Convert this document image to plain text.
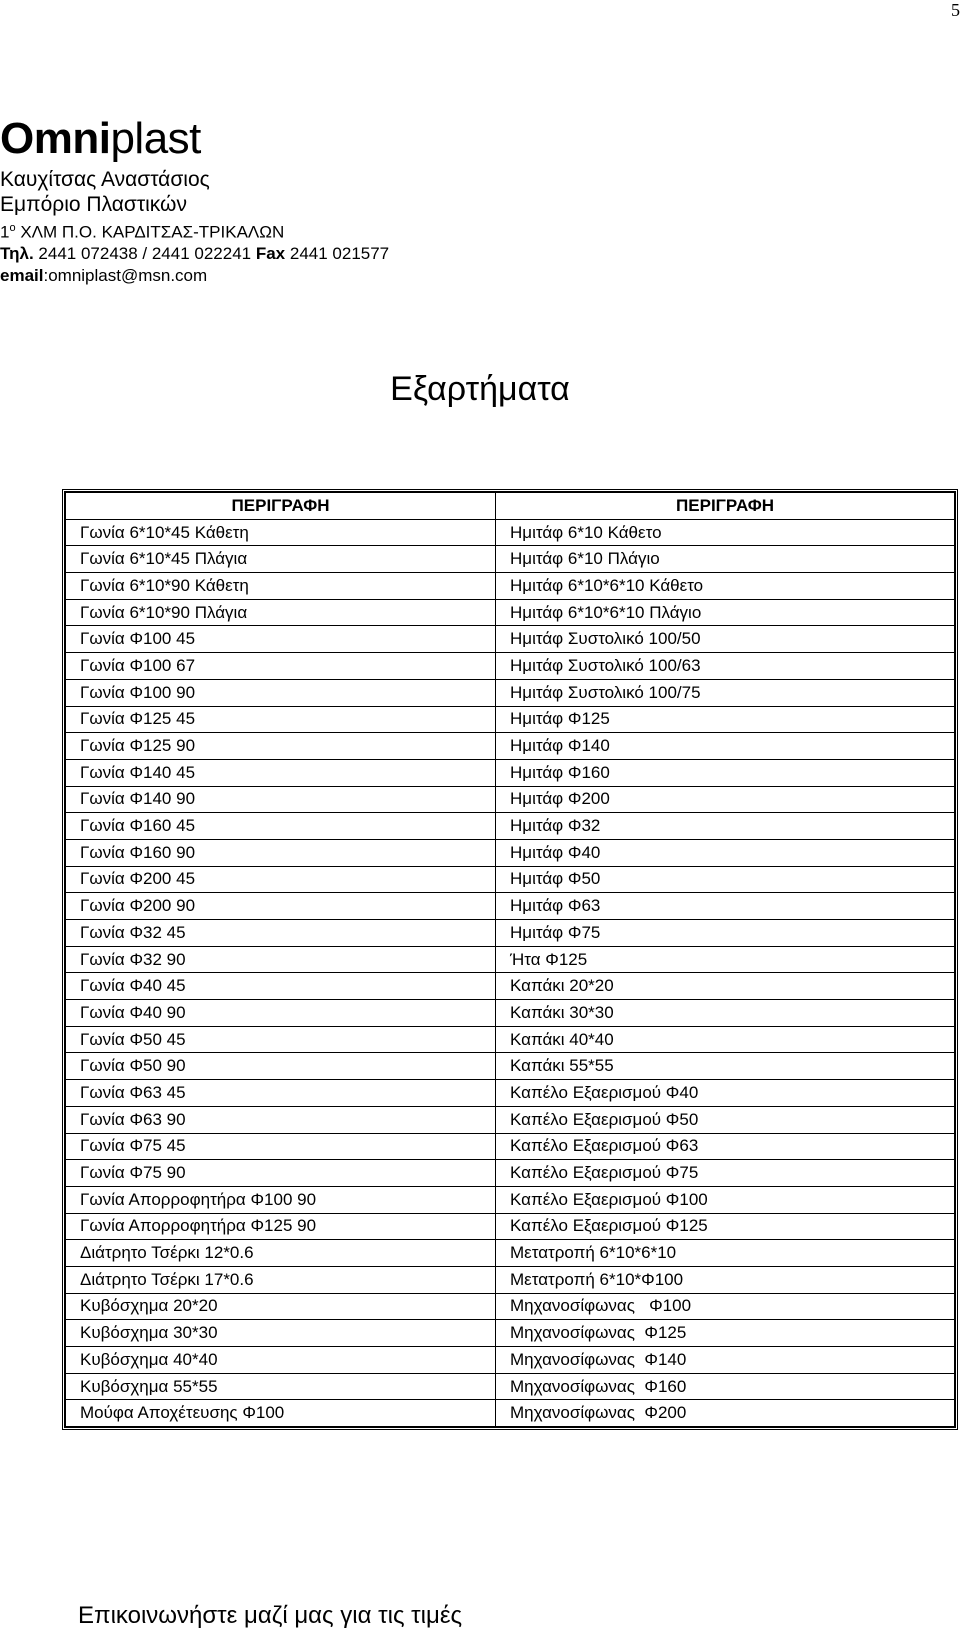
5
Omniplast
Καυχίτσας Αναστάσιος
Εμπόριο Πλαστικών
$1^o$ ΧΛΜ Π.Ο. ΚΑΡΔΙΤΣΑΣ-ΤΡΙΚΑΛΩΝ
Τηλ. 2441 072438 / 2441 022241 Fax 2441 021577
email:omniplast@msn.com
Εξαρτήματα
ΠΕΡΙΓΡΑΦΗ	ΠΕΡΙΓΡΑΦΗ
Γωνία 6*10*45 Κάθετη	Ημιτάφ 6*10 Κάθετο
Γωνία 6*10*45 Πλάγια	Ημιτάφ 6*10 Πλάγιο
Γωνία 6*10*90 Κάθετη	Ημιτάφ 6*10*6*10 Κάθετο
Γωνία 6*10*90 Πλάγια	Ημιτάφ 6*10*6*10 Πλάγιο
Γωνία Φ100 45	Ημιτάφ Συστολικό 100/50
Γωνία Φ100 67	Ημιτάφ Συστολικό 100/63
Γωνία Φ100 90	Ημιτάφ Συστολικό 100/75
Γωνία Φ125 45	Ημιτάφ Φ125
Γωνία Φ125 90	Ημιτάφ Φ140
Γωνία Φ140 45	Ημιτάφ Φ160
Γωνία Φ140 90	Ημιτάφ Φ200
Γωνία Φ160 45	Ημιτάφ Φ32
Γωνία Φ160 90	Ημιτάφ Φ40
Γωνία Φ200 45	Ημιτάφ Φ50
Γωνία Φ200 90	Ημιτάφ Φ63
Γωνία Φ32 45	Ημιτάφ Φ75
Γωνία Φ32 90	Ήτα Φ125
Γωνία Φ40 45	Καπάκι 20*20
Γωνία Φ40 90	Καπάκι 30*30
Γωνία Φ50 45	Καπάκι 40*40
Γωνία Φ50 90	Καπάκι 55*55
Γωνία Φ63 45	Καπέλο Εξαερισμού Φ40
Γωνία Φ63 90	Καπέλο Εξαερισμού Φ50
Γωνία Φ75 45	Καπέλο Εξαερισμού Φ63
Γωνία Φ75 90	Καπέλο Εξαερισμού Φ75
Γωνία Απορροφητήρα Φ100 90	Καπέλο Εξαερισμού Φ100
Γωνία Απορροφητήρα Φ125 90	Καπέλο Εξαερισμού Φ125
Διάτρητο Τσέρκι 12*0.6	Μετατροπή 6*10*6*10
Διάτρητο Τσέρκι 17*0.6	Μετατροπή 6*10*Φ100
Κυβόσχημα 20*20	Μηχανοσίφωνας   Φ100
Κυβόσχημα 30*30	Μηχανοσίφωνας  Φ125
Κυβόσχημα 40*40	Μηχανοσίφωνας  Φ140
Κυβόσχημα 55*55	Μηχανοσίφωνας  Φ160
Μούφα Αποχέτευσης Φ100	Μηχανοσίφωνας  Φ200
Επικοινωνήστε μαζί μας για τις τιμές
